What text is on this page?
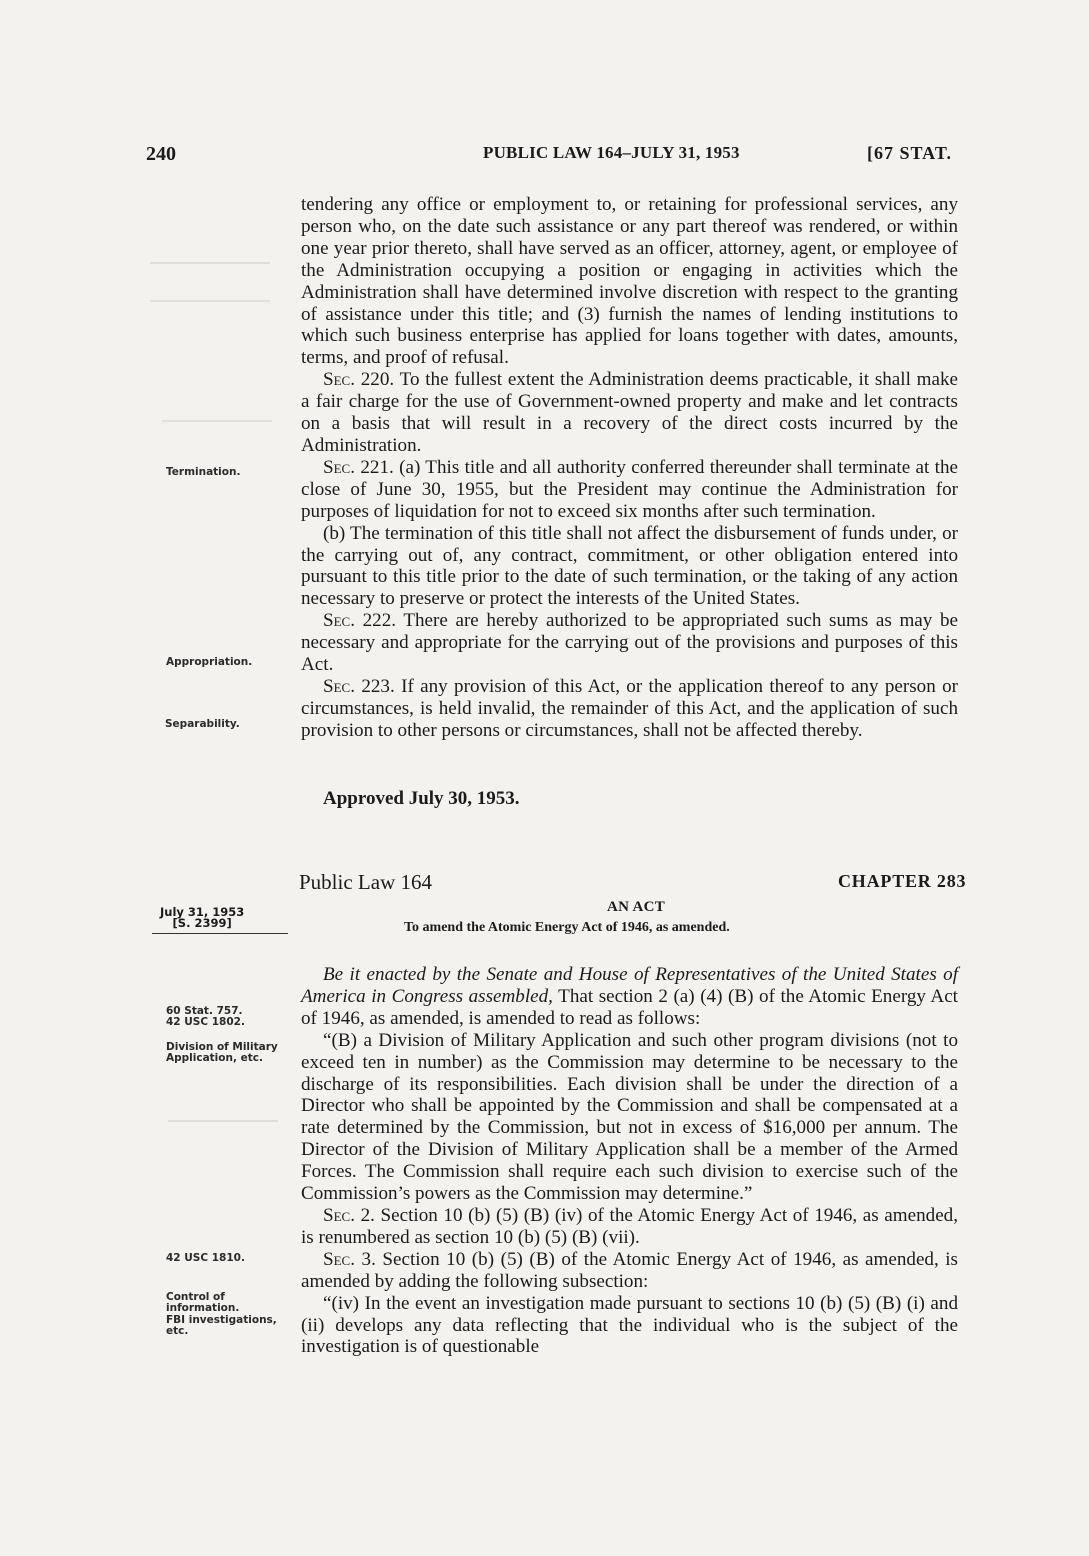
240	PUBLIC LAW 164–JULY 31, 1953	[67 STAT.

tendering any office or employment to, or retaining for professional services, any person who, on the date such assistance or any part thereof was rendered, or within one year prior thereto, shall have served as an officer, attorney, agent, or employee of the Administration occupying a position or engaging in activities which the Administration shall have determined involve discretion with respect to the granting of assistance under this title; and (3) furnish the names of lending institutions to which such business enterprise has applied for loans together with dates, amounts, terms, and proof of refusal.

Sec. 220. To the fullest extent the Administration deems practicable, it shall make a fair charge for the use of Government-owned property and make and let contracts on a basis that will result in a recovery of the direct costs incurred by the Administration.

Sec. 221. (a) This title and all authority conferred thereunder shall terminate at the close of June 30, 1955, but the President may continue the Administration for purposes of liquidation for not to exceed six months after such termination.

(b) The termination of this title shall not affect the disbursement of funds under, or the carrying out of, any contract, commitment, or other obligation entered into pursuant to this title prior to the date of such termination, or the taking of any action necessary to preserve or protect the interests of the United States.

Sec. 222. There are hereby authorized to be appropriated such sums as may be necessary and appropriate for the carrying out of the provisions and purposes of this Act.

Sec. 223. If any provision of this Act, or the application thereof to any person or circumstances, is held invalid, the remainder of this Act, and the application of such provision to other persons or circumstances, shall not be affected thereby.

Approved July 30, 1953.
Public Law 164	CHAPTER 283
AN ACT
To amend the Atomic Energy Act of 1946, as amended.

Be it enacted by the Senate and House of Representatives of the United States of America in Congress assembled, That section 2 (a) (4) (B) of the Atomic Energy Act of 1946, as amended, is amended to read as follows:

“(B) a Division of Military Application and such other program divisions (not to exceed ten in number) as the Commission may determine to be necessary to the discharge of its responsibilities. Each division shall be under the direction of a Director who shall be appointed by the Commission and shall be compensated at a rate determined by the Commission, but not in excess of $16,000 per annum. The Director of the Division of Military Application shall be a member of the Armed Forces. The Commission shall require each such division to exercise such of the Commission’s powers as the Commission may determine.”

Sec. 2. Section 10 (b) (5) (B) (iv) of the Atomic Energy Act of 1946, as amended, is renumbered as section 10 (b) (5) (B) (vii).

Sec. 3. Section 10 (b) (5) (B) of the Atomic Energy Act of 1946, as amended, is amended by adding the following subsection:

“(iv) In the event an investigation made pursuant to sections 10 (b) (5) (B) (i) and (ii) develops any data reflecting that the individual who is the subject of the investigation is of questionable

Termination.
Appropriation.
Separability.
July 31, 1953
[S. 2399]
60 Stat. 757.
42 USC 1802.
Division of Military Application, etc.
42 USC 1810.
Control of information.
FBI investigations, etc.
